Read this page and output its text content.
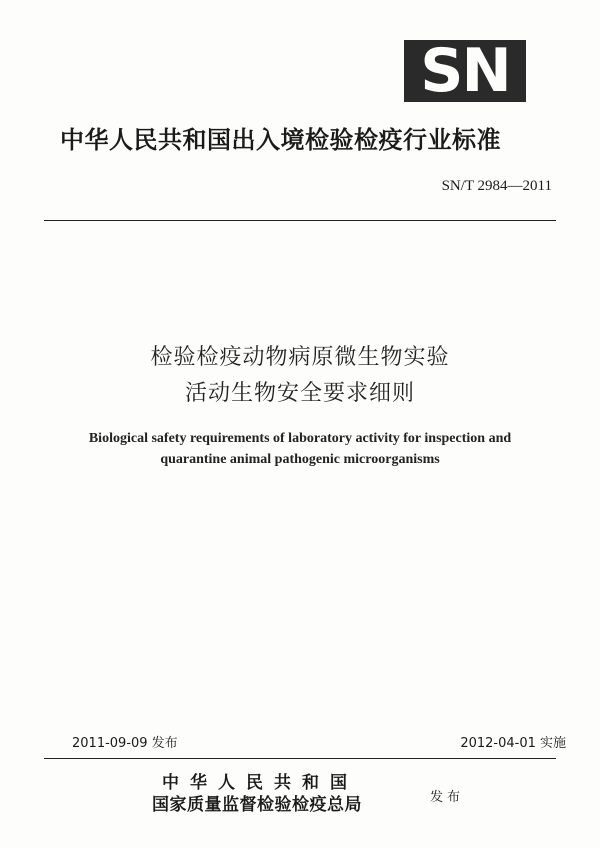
SN
中华人民共和国出入境检验检疫行业标准
SN/T 2984—2011
检验检疫动物病原微生物实验
活动生物安全要求细则
Biological safety requirements of laboratory activity for inspection and
quarantine animal pathogenic microorganisms
2011-09-09 发布	2012-04-01 实施
中华人民共和国
国家质量监督检验检疫总局	发布
